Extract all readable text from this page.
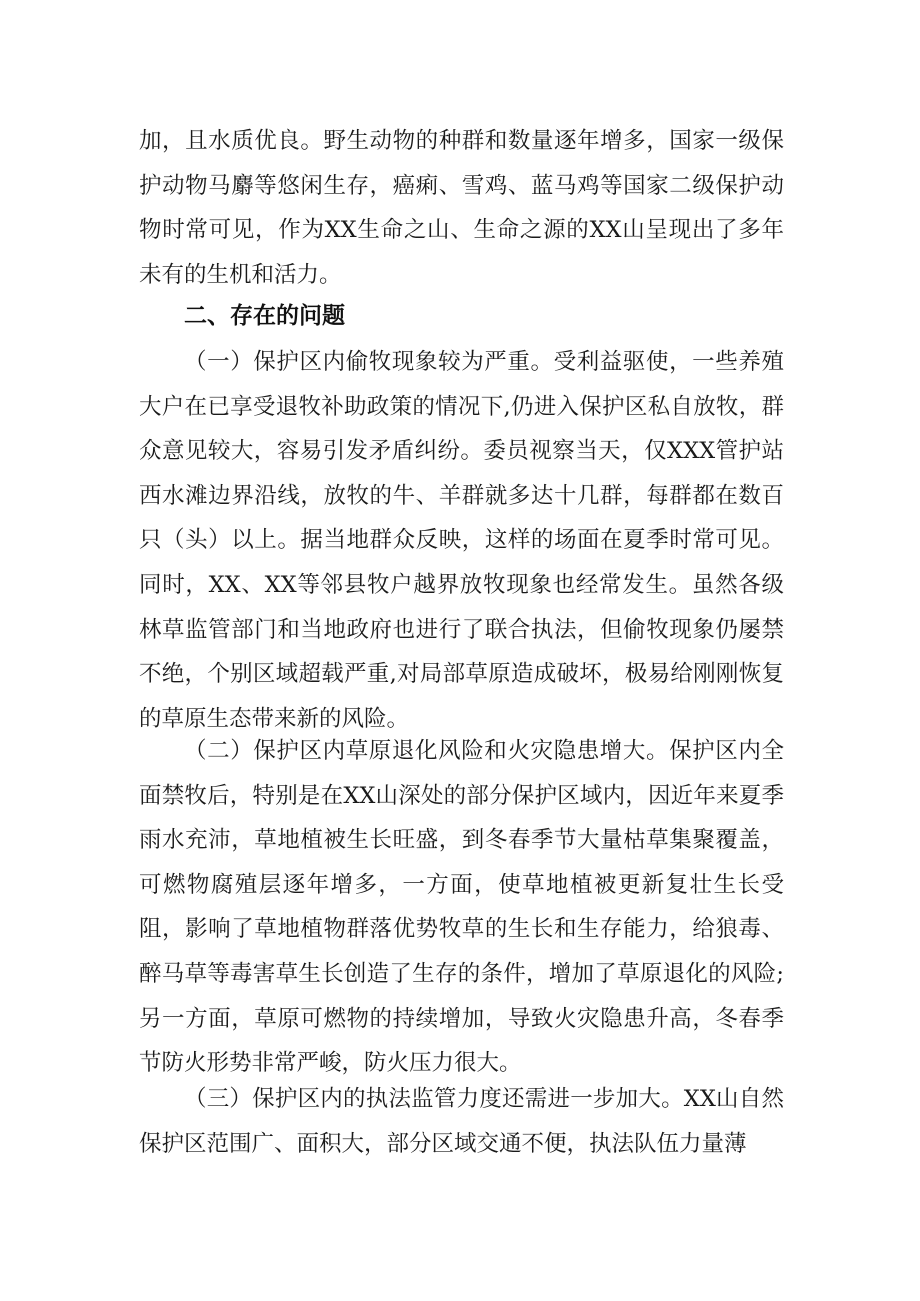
加，且水质优良。野生动物的种群和数量逐年增多，国家一级保护动物马麝等悠闲生存，癌痢、雪鸡、蓝马鸡等国家二级保护动物时常可见，作为XX生命之山、生命之源的XX山呈现出了多年未有的生机和活力。

二、存在的问题

（一）保护区内偷牧现象较为严重。受利益驱使，一些养殖大户在已享受退牧补助政策的情况下,仍进入保护区私自放牧，群众意见较大，容易引发矛盾纠纷。委员视察当天，仅XXX管护站西水滩边界沿线，放牧的牛、羊群就多达十几群，每群都在数百只（头）以上。据当地群众反映，这样的场面在夏季时常可见。同时，XX、XX等邻县牧户越界放牧现象也经常发生。虽然各级林草监管部门和当地政府也进行了联合执法，但偷牧现象仍屡禁不绝，个别区域超载严重,对局部草原造成破坏，极易给刚刚恢复的草原生态带来新的风险。

（二）保护区内草原退化风险和火灾隐患增大。保护区内全面禁牧后，特别是在XX山深处的部分保护区域内，因近年来夏季雨水充沛，草地植被生长旺盛，到冬春季节大量枯草集聚覆盖，可燃物腐殖层逐年增多，一方面，使草地植被更新复壮生长受阻，影响了草地植物群落优势牧草的生长和生存能力，给狼毒、醉马草等毒害草生长创造了生存的条件，增加了草原退化的风险;另一方面，草原可燃物的持续增加，导致火灾隐患升高，冬春季节防火形势非常严峻，防火压力很大。

（三）保护区内的执法监管力度还需进一步加大。XX山自然保护区范围广、面积大，部分区域交通不便，执法队伍力量薄
